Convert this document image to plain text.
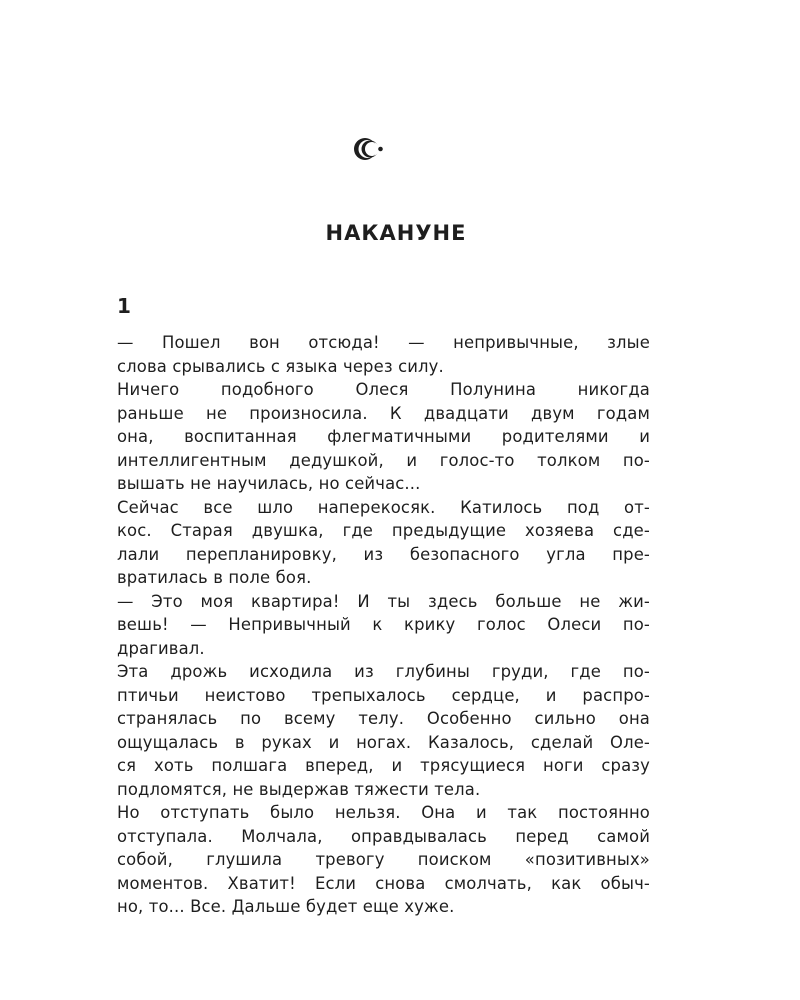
НАКАНУНЕ
1

— Пошел вон отсюда! — непривычные, злые
слова срывались с языка через силу.

Ничего подобного Олеся Полунина никогда
раньше не произносила. К двадцати двум годам
она, воспитанная флегматичными родителями и
интеллигентным дедушкой, и голос-то толком по-
вышать не научилась, но сейчас...

Сейчас все шло наперекосяк. Катилось под от-
кос. Старая двушка, где предыдущие хозяева сде-
лали перепланировку, из безопасного угла пре-
вратилась в поле боя.

— Это моя квартира! И ты здесь больше не жи-
вешь! — Непривычный к крику голос Олеси по-
драгивал.

Эта дрожь исходила из глубины груди, где по-
птичьи неистово трепыхалось сердце, и распро-
странялась по всему телу. Особенно сильно она
ощущалась в руках и ногах. Казалось, сделай Оле-
ся хоть полшага вперед, и трясущиеся ноги сразу
подломятся, не выдержав тяжести тела.

Но отступать было нельзя. Она и так постоянно
отступала. Молчала, оправдывалась перед самой
собой, глушила тревогу поиском «позитивных»
моментов. Хватит! Если снова смолчать, как обыч-
но, то... Все. Дальше будет еще хуже.
